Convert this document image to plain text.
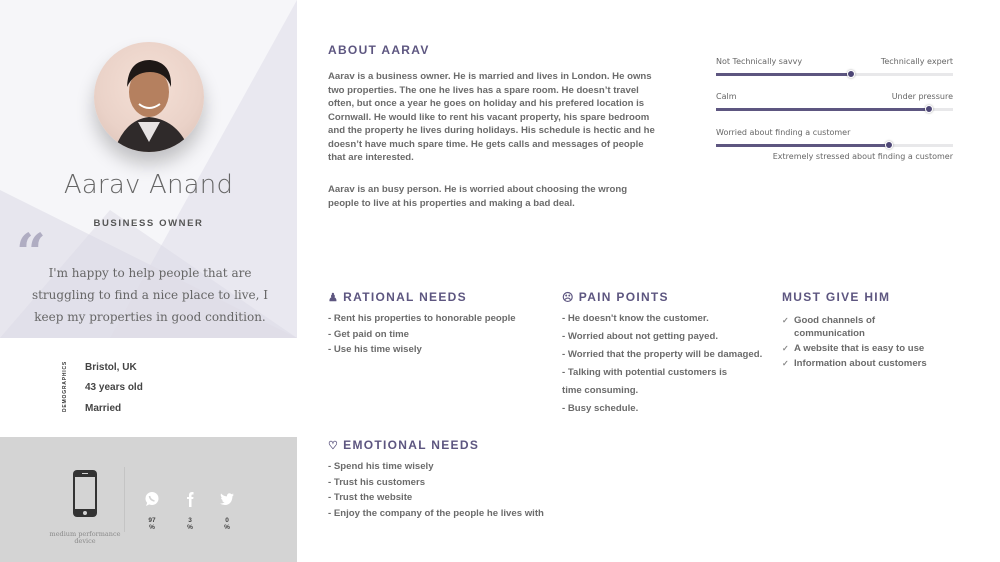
Aarav Anand
BUSINESS OWNER
“ I'm happy to help people that are struggling to find a nice place to live, I keep my properties in good condition.
DEMOGRAPHICS Bristol, UK
43 years old
Married
medium performance device
97
%
3
%
0
%
ABOUT AARAV
Aarav is a business owner. He is married and lives in London. He owns two properties. The one he lives has a spare room. He doesn’t travel often, but once a year he goes on holiday and his prefered location is Cornwall. He would like to rent his vacant property, his spare bedroom and the property he lives during holidays. His schedule is hectic and he doesn’t have much spare time. He gets calls and messages of people that are interested.
Aarav is an busy person. He is worried about choosing the wrong people to live at his properties and making a bad deal.
Not Technically savvy	Technically expert
Calm	Under pressure
Worried about finding a customer
Extremely stressed about finding a customer
♟ RATIONAL NEEDS
- Rent his properties to honorable people
- Get paid on time
- Use his time wisely
☹ PAIN POINTS
- He doesn't know the customer.
- Worried about not getting payed.
- Worried that the property will be damaged.
- Talking with potential customers is
time consuming.
- Busy schedule.
MUST GIVE HIM
✓ Good channels of communication
✓ A website that is easy to use
✓ Information about customers
♡ EMOTIONAL NEEDS
- Spend his time wisely
- Trust his customers
- Trust the website
- Enjoy the company of the people he lives with
